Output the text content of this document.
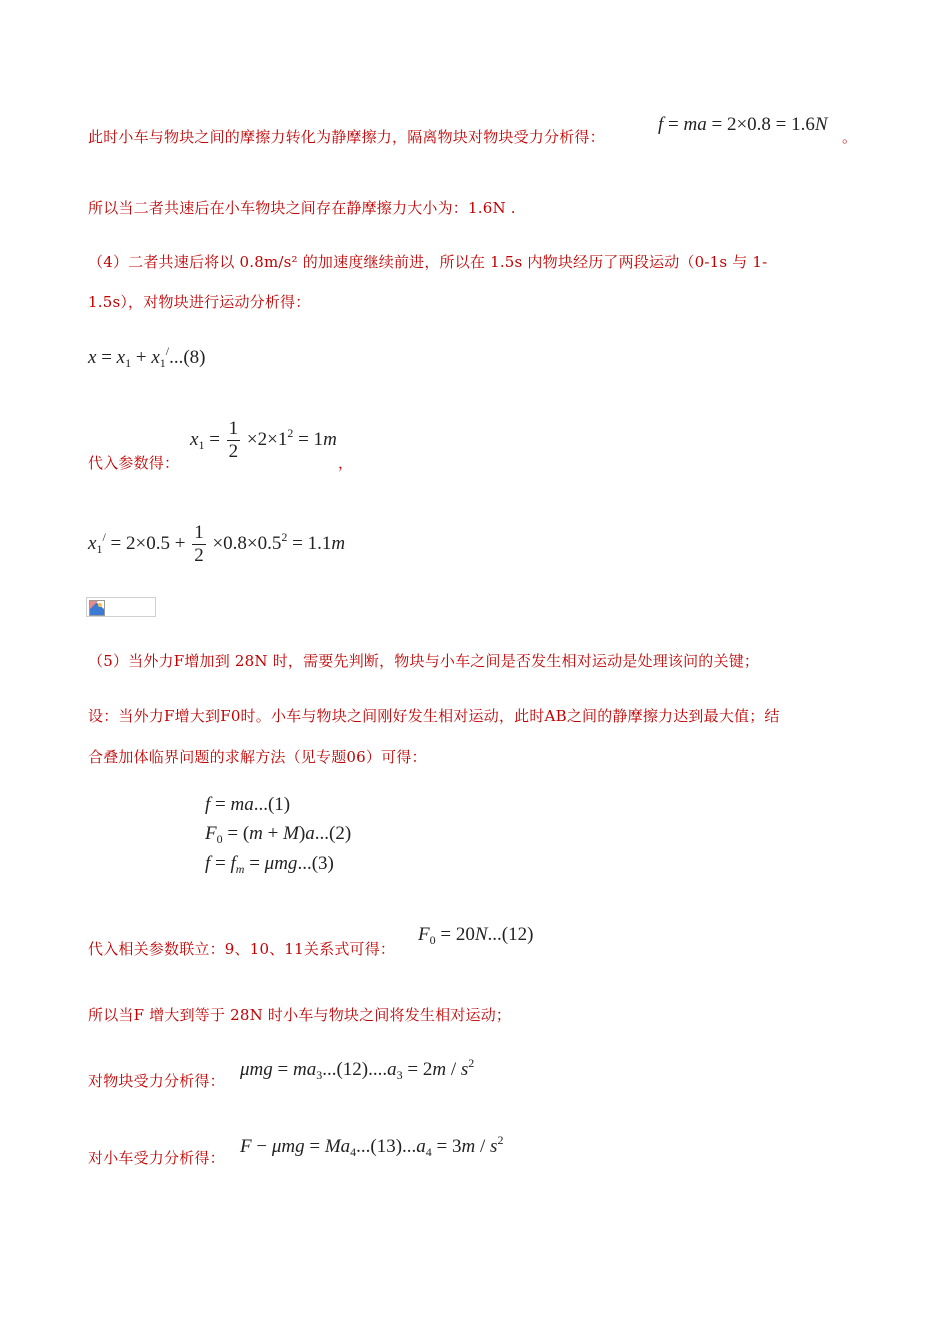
此时小车与物块之间的摩擦力转化为静摩擦力，隔离物块对物块受力分析得：
f = ma = 2×0.8 = 1.6N
。
所以当二者共速后在小车物块之间存在静摩擦力大小为：1.6N .
（4）二者共速后将以 0.8m/s² 的加速度继续前进，所以在 1.5s 内物块经历了两段运动（0-1s 与 1-
1.5s），对物块进行运动分析得：
$x = x_1 + x_1^/...(8)$
代入参数得：
$x_1 = \frac{1}{2} \times 2\times 1^2 = 1m$
，
$x_1^/ = 2\times 0.5 + \frac{1}{2} \times 0.8\times 0.5^2 = 1.1m$
（5）当外力F增加到 28N 时，需要先判断，物块与小车之间是否发生相对运动是处理该问的关键；
设：当外力F增大到F0时。小车与物块之间刚好发生相对运动，此时AB之间的静摩擦力达到最大值；结
合叠加体临界问题的求解方法（见专题06）可得：
f = ma...(1)
$F_0 = (m + M)a...(2)$
$f = f_m = \mu mg...(3)$
代入相关参数联立：9、10、11关系式可得：
$F_0 = 20N...(12)$
所以当F 增大到等于 28N 时小车与物块之间将发生相对运动；
对物块受力分析得：
$\mu mg = ma_3...(12)....a_3 = 2m / s^2$
对小车受力分析得：
$F - \mu mg = Ma_4...(13)...a_4 = 3m / s^2$
